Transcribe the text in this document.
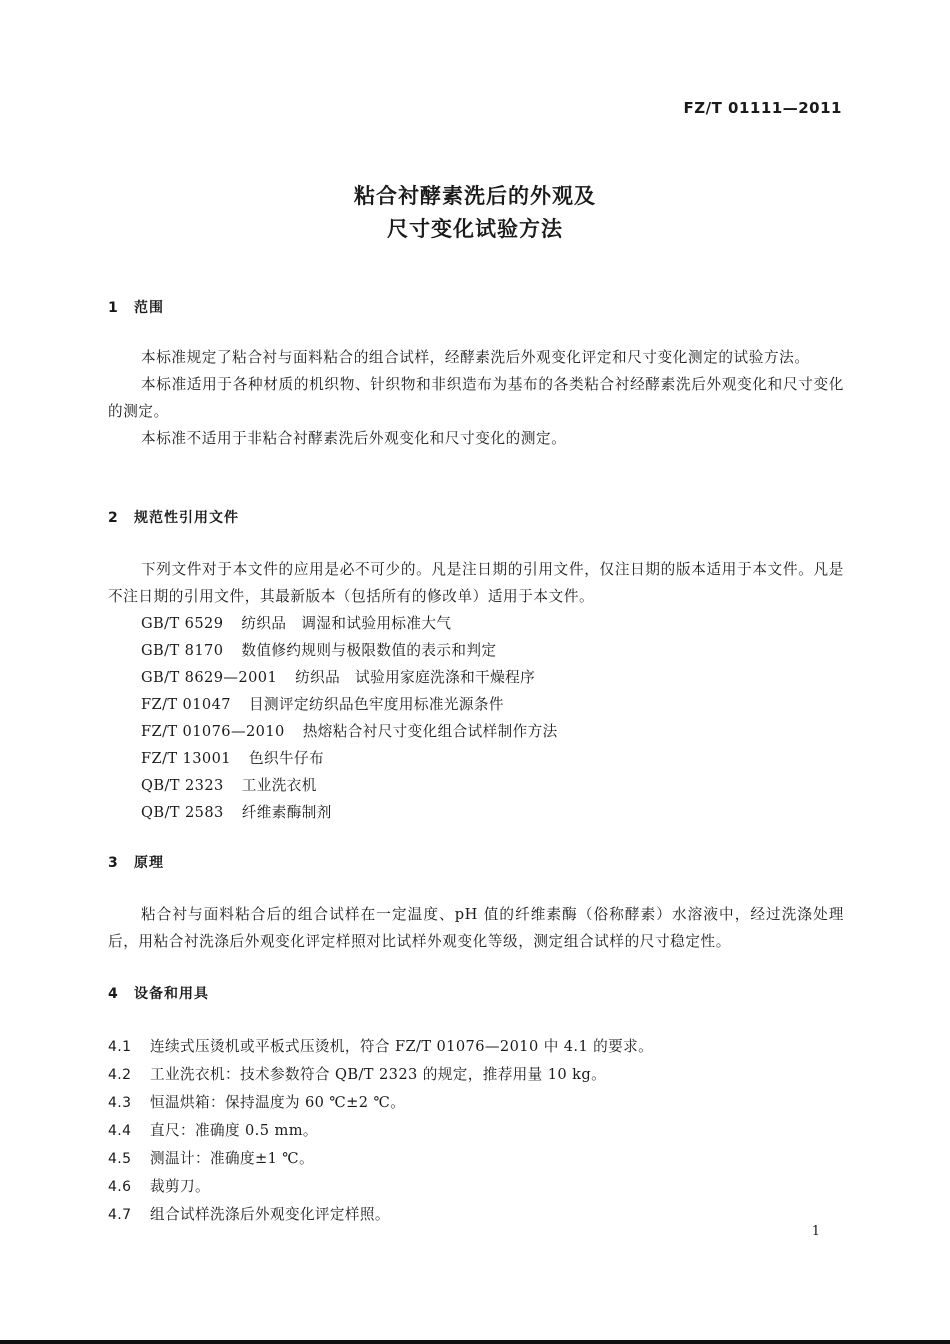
FZ/T 01111—2011
粘合衬酵素洗后的外观及
尺寸变化试验方法
1 范围
本标准规定了粘合衬与面料粘合的组合试样，经酵素洗后外观变化评定和尺寸变化测定的试验方法。
本标准适用于各种材质的机织物、针织物和非织造布为基布的各类粘合衬经酵素洗后外观变化和尺寸变化的测定。
本标准不适用于非粘合衬酵素洗后外观变化和尺寸变化的测定。
2 规范性引用文件
下列文件对于本文件的应用是必不可少的。凡是注日期的引用文件，仅注日期的版本适用于本文件。凡是不注日期的引用文件，其最新版本（包括所有的修改单）适用于本文件。
GB/T 6529 纺织品　调湿和试验用标准大气
GB/T 8170 数值修约规则与极限数值的表示和判定
GB/T 8629—2001 纺织品　试验用家庭洗涤和干燥程序
FZ/T 01047 目测评定纺织品色牢度用标准光源条件
FZ/T 01076—2010 热熔粘合衬尺寸变化组合试样制作方法
FZ/T 13001 色织牛仔布
QB/T 2323 工业洗衣机
QB/T 2583 纤维素酶制剂
3 原理
粘合衬与面料粘合后的组合试样在一定温度、pH 值的纤维素酶（俗称酵素）水溶液中，经过洗涤处理后，用粘合衬洗涤后外观变化评定样照对比试样外观变化等级，测定组合试样的尺寸稳定性。
4 设备和用具
4.1 连续式压烫机或平板式压烫机，符合 FZ/T 01076—2010 中 4.1 的要求。
4.2 工业洗衣机：技术参数符合 QB/T 2323 的规定，推荐用量 10 kg。
4.3 恒温烘箱：保持温度为 60 ℃±2 ℃。
4.4 直尺：准确度 0.5 mm。
4.5 测温计：准确度±1 ℃。
4.6 裁剪刀。
4.7 组合试样洗涤后外观变化评定样照。
1
